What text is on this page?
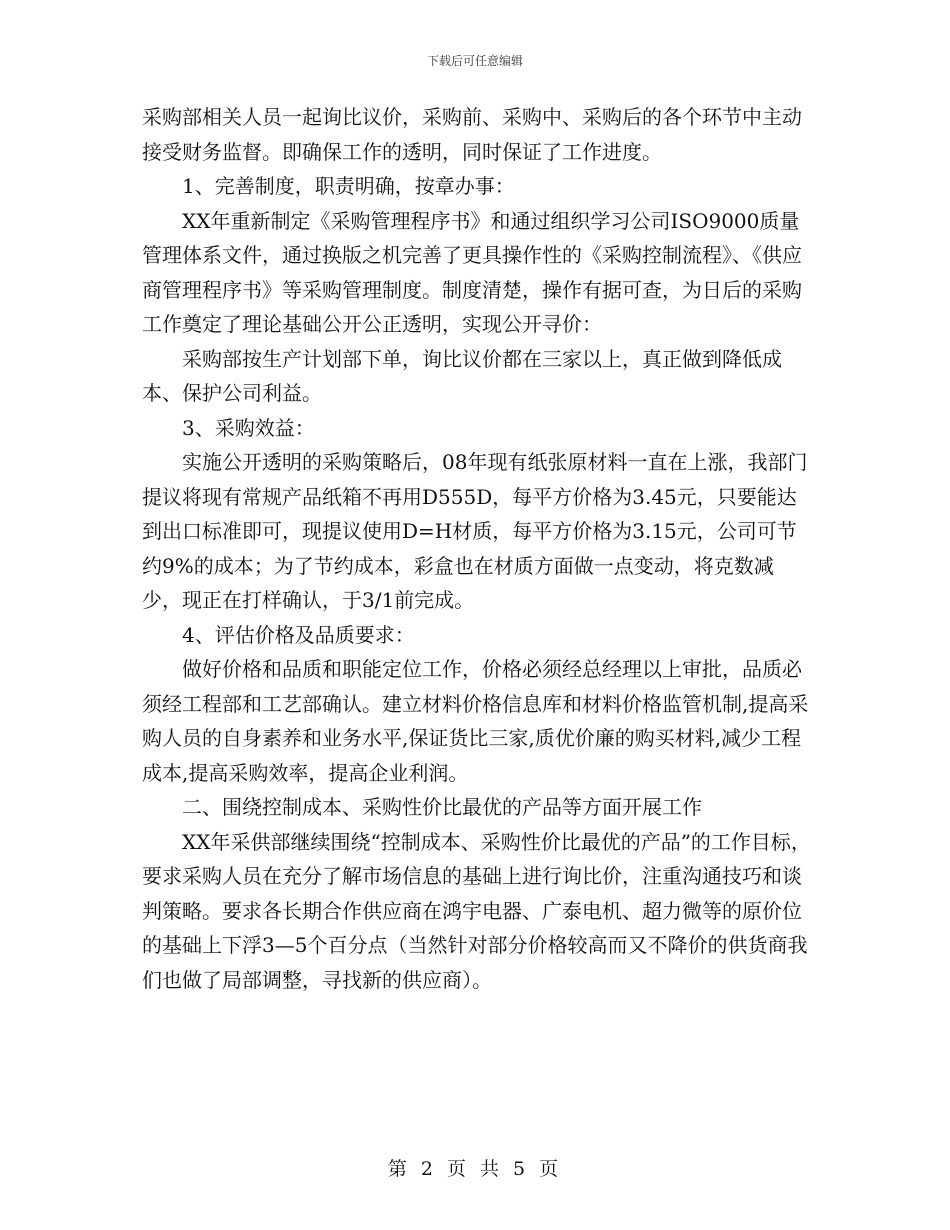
下载后可任意编辑

采购部相关人员一起询比议价，采购前、采购中、采购后的各个环节中主动接受财务监督。即确保工作的透明，同时保证了工作进度。

1、完善制度，职责明确，按章办事：

XX年重新制定《采购管理程序书》和通过组织学习公司ISO9000质量管理体系文件，通过换版之机完善了更具操作性的《采购控制流程》、《供应商管理程序书》等采购管理制度。制度清楚，操作有据可查，为日后的采购工作奠定了理论基础公开公正透明，实现公开寻价：

采购部按生产计划部下单，询比议价都在三家以上，真正做到降低成本、保护公司利益。

3、采购效益：

实施公开透明的采购策略后，08年现有纸张原材料一直在上涨，我部门提议将现有常规产品纸箱不再用D555D，每平方价格为3.45元，只要能达到出口标准即可，现提议使用D=H材质，每平方价格为3.15元，公司可节约9%的成本；为了节约成本，彩盒也在材质方面做一点变动，将克数减少，现正在打样确认，于3/1前完成。

4、评估价格及品质要求：

做好价格和品质和职能定位工作，价格必须经总经理以上审批，品质必须经工程部和工艺部确认。建立材料价格信息库和材料价格监管机制,提高采购人员的自身素养和业务水平,保证货比三家,质优价廉的购买材料,减少工程成本,提高采购效率，提高企业利润。

二、围绕控制成本、采购性价比最优的产品等方面开展工作

XX年采供部继续围绕“控制成本、采购性价比最优的产品”的工作目标，要求采购人员在充分了解市场信息的基础上进行询比价，注重沟通技巧和谈判策略。要求各长期合作供应商在鸿宇电器、广泰电机、超力微等的原价位的基础上下浮3—5个百分点（当然针对部分价格较高而又不降价的供货商我们也做了局部调整，寻找新的供应商）。

第 2 页 共 5 页
